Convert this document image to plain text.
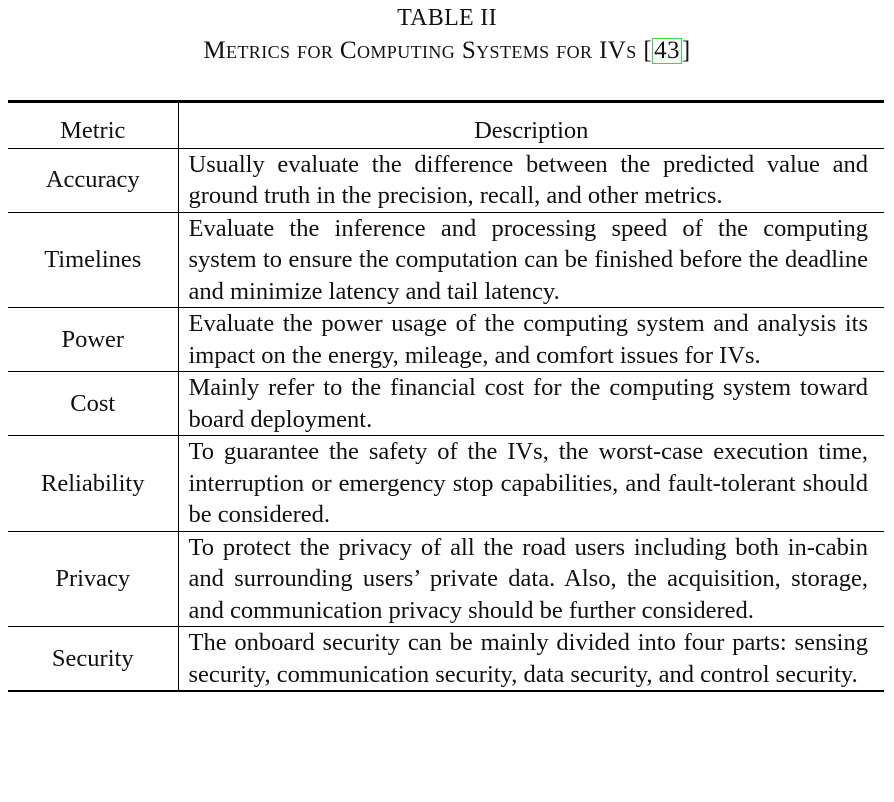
TABLE II
Metrics for Computing Systems for IVs [43]
Metric	Description
Accuracy	Usually evaluate the difference between the predicted value and ground truth in the precision, recall, and other metrics.
Timelines	Evaluate the inference and processing speed of the computing system to ensure the computation can be finished before the deadline and minimize latency and tail latency.
Power	Evaluate the power usage of the computing system and analysis its impact on the energy, mileage, and comfort issues for IVs.
Cost	Mainly refer to the financial cost for the computing system toward board deployment.
Reliability	To guarantee the safety of the IVs, the worst-case execution time, interruption or emergency stop capabilities, and fault-tolerant should be considered.
Privacy	To protect the privacy of all the road users including both in-cabin and surrounding users’ private data. Also, the acquisition, storage, and communication privacy should be further considered.
Security	The onboard security can be mainly divided into four parts: sensing security, communication security, data security, and control security.
